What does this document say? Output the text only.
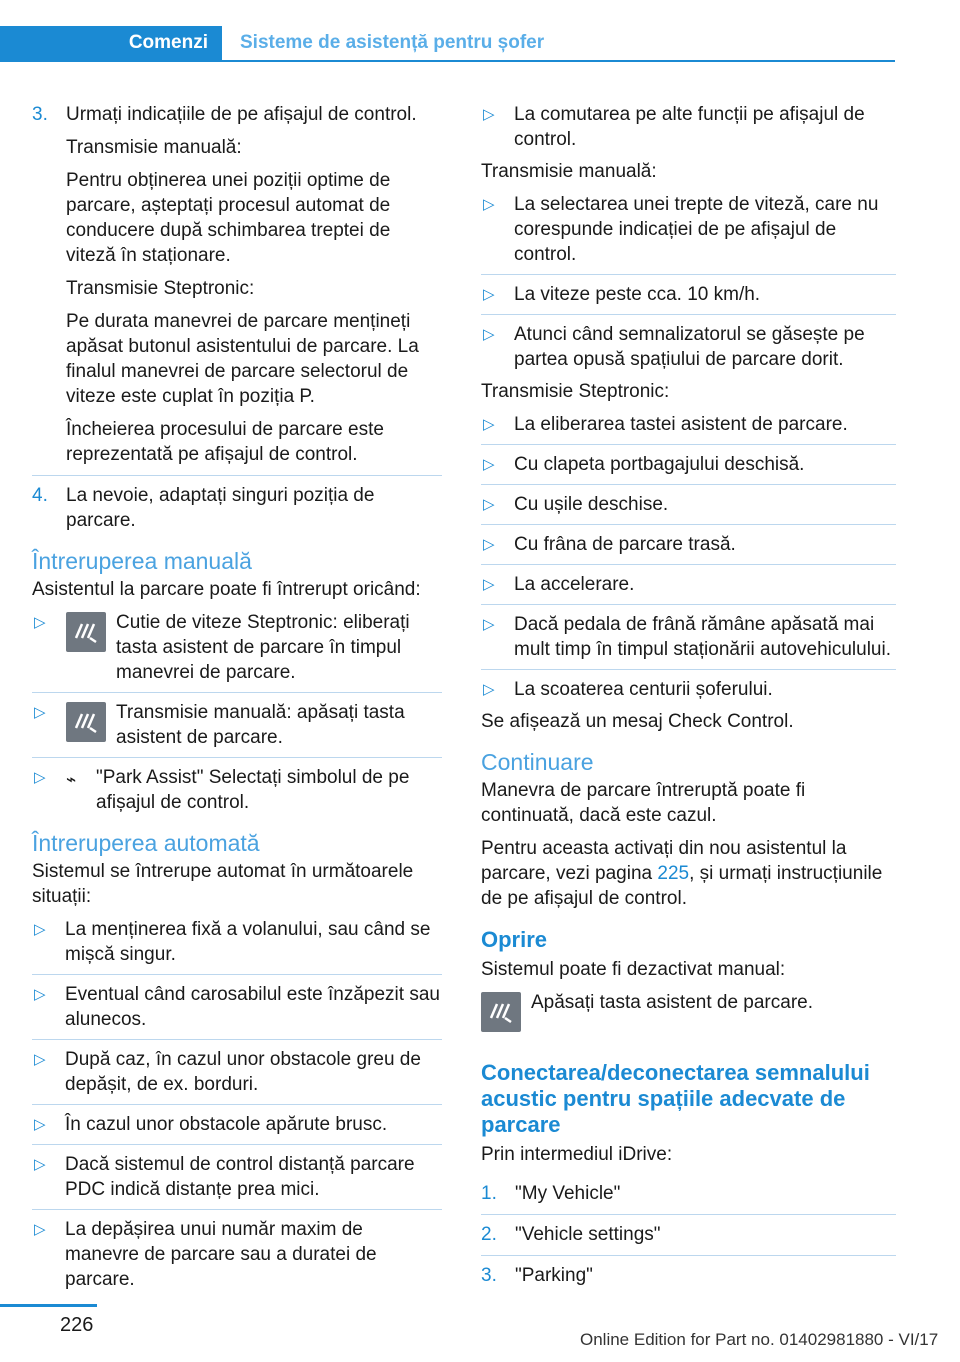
Comenzi	Sisteme de asistență pentru șofer
3. Urmați indicațiile de pe afișajul de control.
Transmisie manuală:
Pentru obținerea unei poziții optime de parcare, așteptați procesul automat de conducere după schimbarea treptei de viteză în staționare.
Transmisie Steptronic:
Pe durata manevrei de parcare mențineți apăsat butonul asistentului de parcare. La finalul manevrei de parcare selectorul de viteze este cuplat în poziția P.
Încheierea procesului de parcare este reprezentată pe afișajul de control.
4. La nevoie, adaptați singuri poziția de parcare.
Întreruperea manuală
Asistentul la parcare poate fi întrerupt oricând:
▷	Cutie de viteze Steptronic: eliberați tasta asistent de parcare în timpul manevrei de parcare.
▷	Transmisie manuală: apăsați tasta asistent de parcare.
▷ ⌁ "Park Assist" Selectați simbolul de pe afișajul de control.
Întreruperea automată
Sistemul se întrerupe automat în următoarele situații:
▷ La menținerea fixă a volanului, sau când se mișcă singur.
▷ Eventual când carosabilul este înzăpezit sau alunecos.
▷ După caz, în cazul unor obstacole greu de depășit, de ex. borduri.
▷ În cazul unor obstacole apărute brusc.
▷ Dacă sistemul de control distanță parcare PDC indică distanțe prea mici.
▷ La depășirea unui număr maxim de manevre de parcare sau a duratei de parcare.
▷ La comutarea pe alte funcții pe afișajul de control.
Transmisie manuală:
▷ La selectarea unei trepte de viteză, care nu corespunde indicației de pe afișajul de control.
▷ La viteze peste cca. 10 km/h.
▷ Atunci când semnalizatorul se găsește pe partea opusă spațiului de parcare dorit.
Transmisie Steptronic:
▷ La eliberarea tastei asistent de parcare.
▷ Cu clapeta portbagajului deschisă.
▷ Cu ușile deschise.
▷ Cu frâna de parcare trasă.
▷ La accelerare.
▷ Dacă pedala de frână rămâne apăsată mai mult timp în timpul staționării autovehiculului.
▷ La scoaterea centurii șoferului.
Se afișează un mesaj Check Control.
Continuare
Manevra de parcare întreruptă poate fi continuată, dacă este cazul.
Pentru aceasta activați din nou asistentul la parcare, vezi pagina 225, și urmați instrucțiunile de pe afișajul de control.
Oprire
Sistemul poate fi dezactivat manual:
Apăsați tasta asistent de parcare.
Conectarea/deconectarea semnalului acustic pentru spațiile adecvate de parcare
Prin intermediul iDrive:
1. "My Vehicle"
2. "Vehicle settings"
3. "Parking"
226
Online Edition for Part no. 01402981880 - VI/17
